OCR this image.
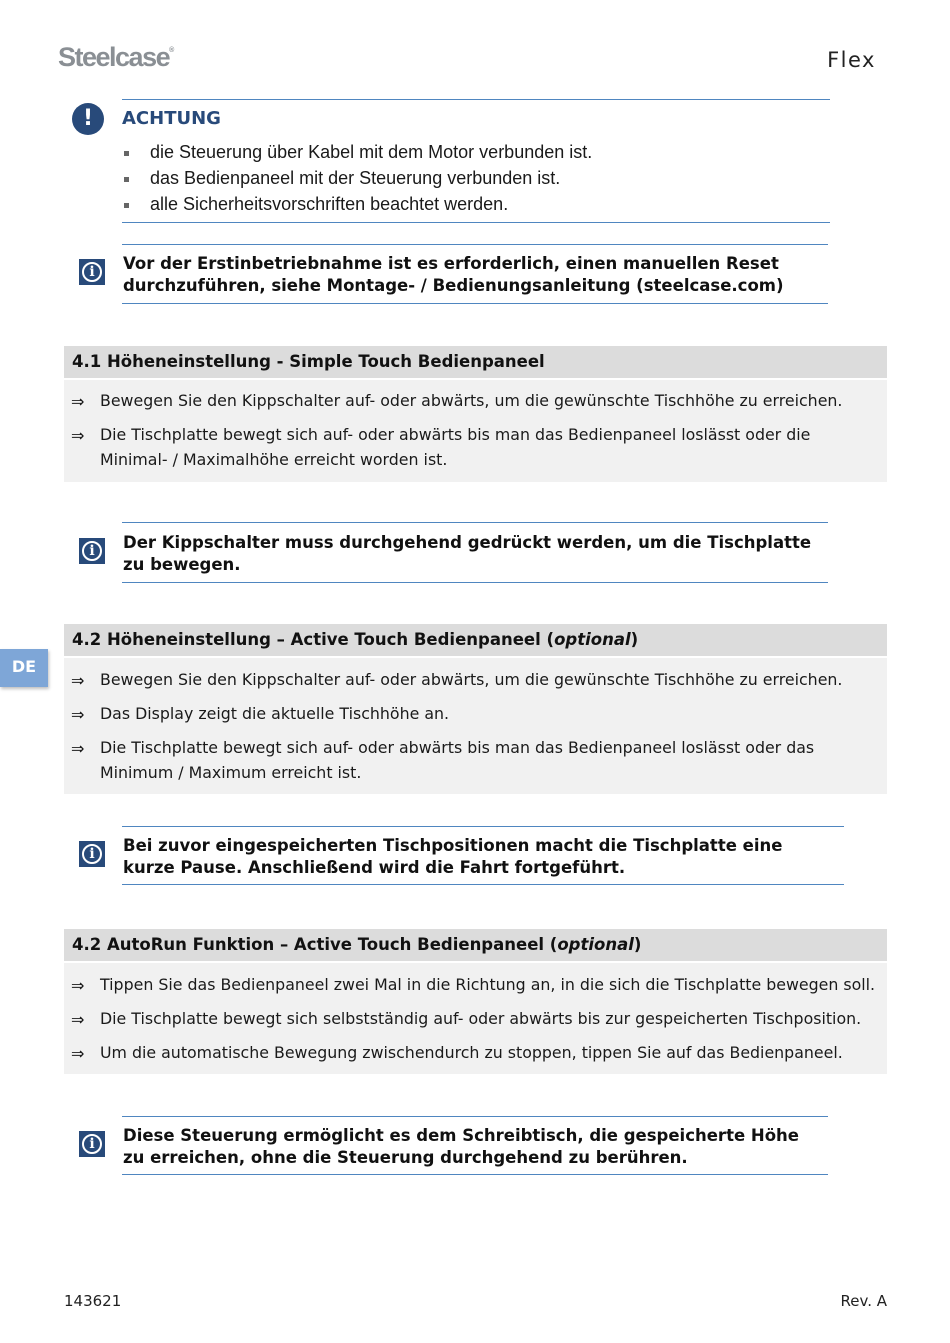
Steelcase®	Flex
!	ACHTUNG
die Steuerung über Kabel mit dem Motor verbunden ist.
das Bedienpaneel mit der Steuerung verbunden ist.
alle Sicherheitsvorschriften beachtet werden.
i	Vor der Erstinbetriebnahme ist es erforderlich, einen manuellen Reset durchzuführen, siehe Montage- / Bedienungsanleitung (steelcase.com)
4.1 Höheneinstellung - Simple Touch Bedienpaneel
⇒ Bewegen Sie den Kippschalter auf- oder abwärts, um die gewünschte Tischhöhe zu erreichen.
⇒ Die Tischplatte bewegt sich auf- oder abwärts bis man das Bedienpaneel loslässt oder die Minimal- / Maximalhöhe erreicht worden ist.
i	Der Kippschalter muss durchgehend gedrückt werden, um die Tischplatte zu bewegen.
DE
4.2 Höheneinstellung – Active Touch Bedienpaneel (optional)
⇒ Bewegen Sie den Kippschalter auf- oder abwärts, um die gewünschte Tischhöhe zu erreichen.
⇒ Das Display zeigt die aktuelle Tischhöhe an.
⇒ Die Tischplatte bewegt sich auf- oder abwärts bis man das Bedienpaneel loslässt oder das Minimum / Maximum erreicht ist.
i	Bei zuvor eingespeicherten Tischpositionen macht die Tischplatte eine kurze Pause. Anschließend wird die Fahrt fortgeführt.
4.2 AutoRun Funktion – Active Touch Bedienpaneel (optional)
⇒ Tippen Sie das Bedienpaneel zwei Mal in die Richtung an, in die sich die Tischplatte bewegen soll.
⇒ Die Tischplatte bewegt sich selbstständig auf- oder abwärts bis zur gespeicherten Tischposition.
⇒ Um die automatische Bewegung zwischendurch zu stoppen, tippen Sie auf das Bedienpaneel.
i	Diese Steuerung ermöglicht es dem Schreibtisch, die gespeicherte Höhe zu erreichen, ohne die Steuerung durchgehend zu berühren.
143621	Rev. A
